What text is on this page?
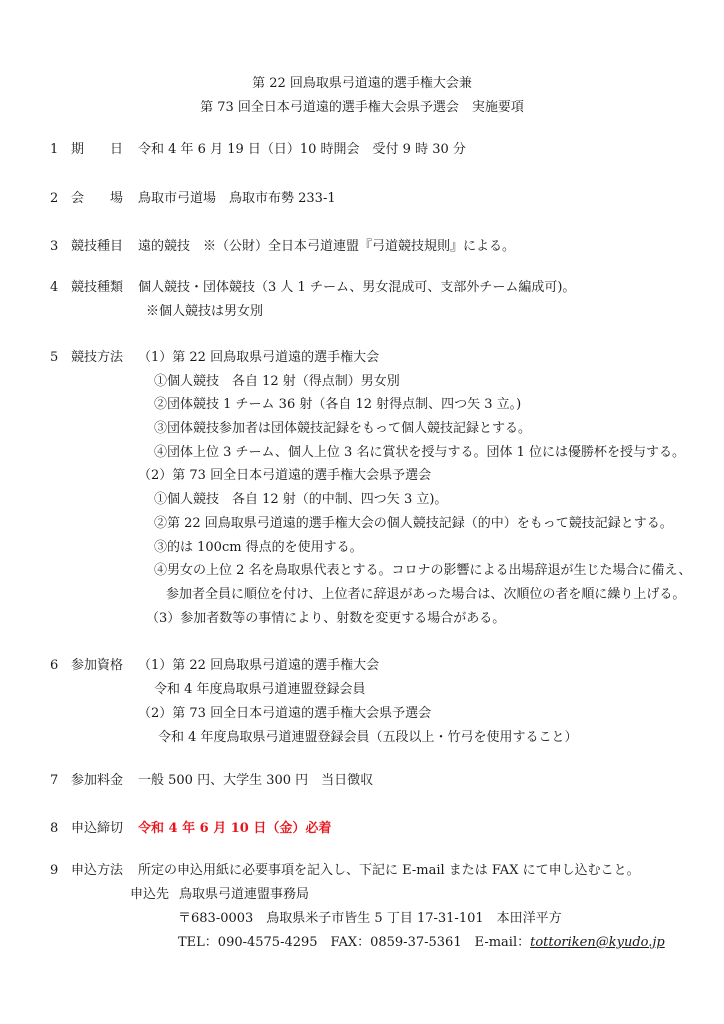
第 22 回鳥取県弓道遠的選手権大会兼
第 73 回全日本弓道遠的選手権大会県予選会　実施要項
1 期　　日 令和 4 年 6 月 19 日（日）10 時開会　受付 9 時 30 分
2 会　　場 鳥取市弓道場　鳥取市布勢 233-1
3 競技種目 遠的競技　※（公財）全日本弓道連盟『弓道競技規則』による。
4 競技種類 個人競技・団体競技（3 人 1 チーム、男女混成可、支部外チーム編成可)。
※個人競技は男女別
5 競技方法 （1）第 22 回鳥取県弓道遠的選手権大会
①個人競技　各自 12 射（得点制）男女別
②団体競技 1 チーム 36 射（各自 12 射得点制、四つ矢 3 立。)
③団体競技参加者は団体競技記録をもって個人競技記録とする。
④団体上位 3 チーム、個人上位 3 名に賞状を授与する。団体 1 位には優勝杯を授与する。
（2）第 73 回全日本弓道遠的選手権大会県予選会
①個人競技　各自 12 射（的中制、四つ矢 3 立)。
②第 22 回鳥取県弓道遠的選手権大会の個人競技記録（的中）をもって競技記録とする。
③的は 100cm 得点的を使用する。
④男女の上位 2 名を鳥取県代表とする。コロナの影響による出場辞退が生じた場合に備え、
参加者全員に順位を付け、上位者に辞退があった場合は、次順位の者を順に繰り上げる。
（3）参加者数等の事情により、射数を変更する場合がある。
6 参加資格 （1）第 22 回鳥取県弓道遠的選手権大会
令和 4 年度鳥取県弓道連盟登録会員
（2）第 73 回全日本弓道遠的選手権大会県予選会
令和 4 年度鳥取県弓道連盟登録会員（五段以上・竹弓を使用すること）
7 参加料金 一般 500 円、大学生 300 円　当日徴収
8 申込締切 令和 4 年 6 月 10 日（金）必着
9 申込方法 所定の申込用紙に必要事項を記入し、下記に E-mail または FAX にて申し込むこと。
申込先 鳥取県弓道連盟事務局
〒683-0003　鳥取県米子市皆生 5 丁目 17-31-101　本田洋平方
TEL：090-4575-4295　FAX：0859-37-5361　E-mail：tottoriken@kyudo.jp
